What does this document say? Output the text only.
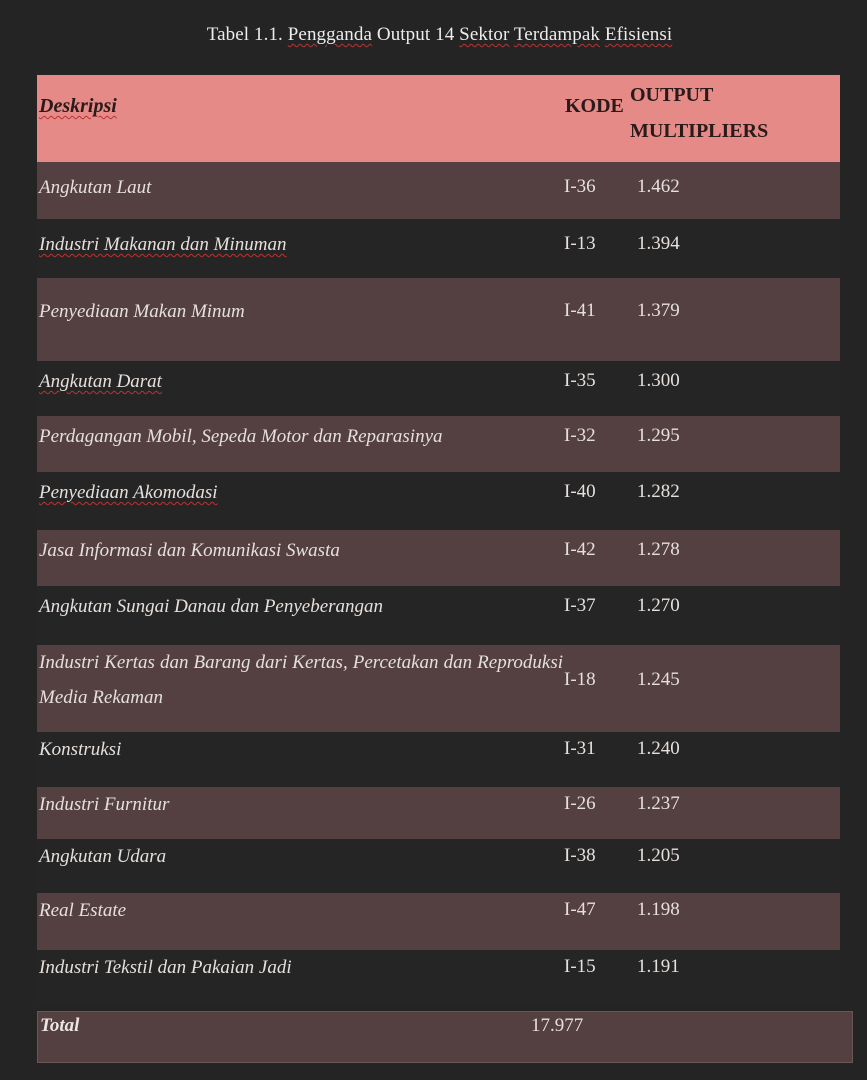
Tabel 1.1. Pengganda Output 14 Sektor Terdampak Efisiensi
Deskripsi	KODE OUTPUT
MULTIPLIERS
Angkutan Laut	I-36 1.462
Industri Makanan dan Minuman	I-13 1.394
Penyediaan Makan Minum	I-41 1.379
Angkutan Darat	I-35 1.300
Perdagangan Mobil, Sepeda Motor dan Reparasinya	I-32 1.295
Penyediaan Akomodasi	I-40 1.282
Jasa Informasi dan Komunikasi Swasta	I-42 1.278
Angkutan Sungai Danau dan Penyeberangan	I-37 1.270
Industri Kertas dan Barang dari Kertas, Percetakan dan Reproduksi Media Rekaman
I-18 1.245
Konstruksi	I-31 1.240
Industri Furnitur	I-26 1.237
Angkutan Udara	I-38 1.205
Real Estate	I-47 1.198
Industri Tekstil dan Pakaian Jadi	I-15 1.191
Total	17.977
